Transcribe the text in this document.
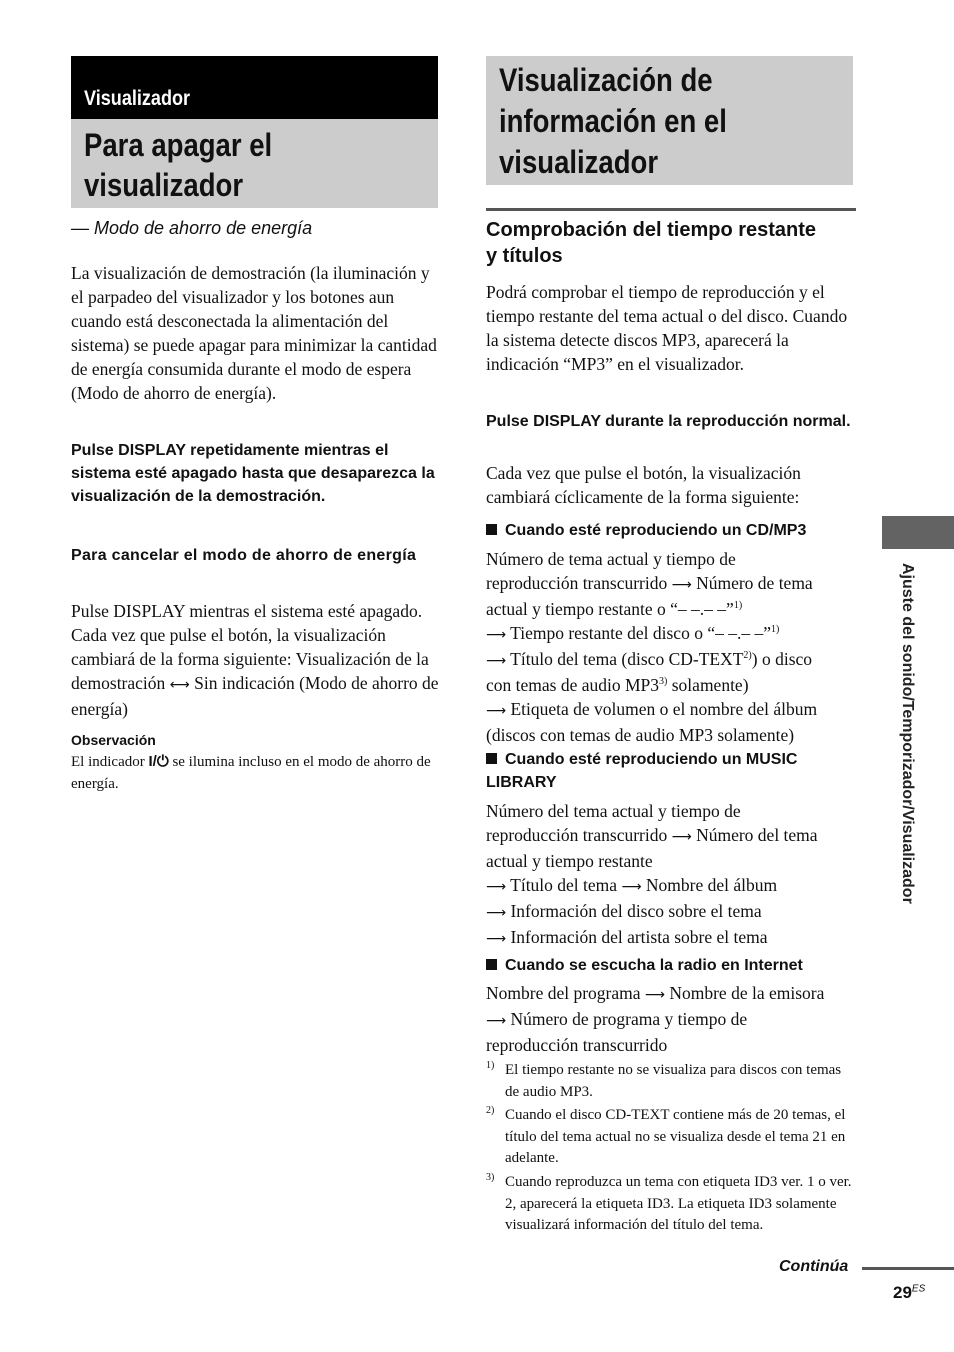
Visualizador
Para apagar el visualizador
— Modo de ahorro de energía
La visualización de demostración (la iluminación y el parpadeo del visualizador y los botones aun cuando está desconectada la alimentación del sistema) se puede apagar para minimizar la cantidad de energía consumida durante el modo de espera (Modo de ahorro de energía).
Pulse DISPLAY repetidamente mientras el sistema esté apagado hasta que desaparezca la visualización de la demostración.
Para cancelar el modo de ahorro de energía
Pulse DISPLAY mientras el sistema esté apagado. Cada vez que pulse el botón, la visualización cambiará de la forma siguiente: Visualización de la demostración ⟷ Sin indicación (Modo de ahorro de energía)
Observación
El indicador I/⏻ se ilumina incluso en el modo de ahorro de energía.
Visualización de información en el visualizador
Comprobación del tiempo restante y títulos
Podrá comprobar el tiempo de reproducción y el tiempo restante del tema actual o del disco. Cuando la sistema detecte discos MP3, aparecerá la indicación “MP3” en el visualizador.
Pulse DISPLAY durante la reproducción normal.
Cada vez que pulse el botón, la visualización cambiará cíclicamente de la forma siguiente:
Cuando esté reproduciendo un CD/MP3
Número de tema actual y tiempo de
reproducción transcurrido ⟶ Número de tema
actual y tiempo restante o “– –.– –”$^{1)}$
⟶ Tiempo restante del disco o “– –.– –”$^{1)}$
⟶ Título del tema (disco CD-TEXT$^{2)}$) o disco
con temas de audio MP3$^{3)}$ solamente)
⟶ Etiqueta de volumen o el nombre del álbum
(discos con temas de audio MP3 solamente)
Cuando esté reproduciendo un MUSIC
LIBRARY
Número del tema actual y tiempo de
reproducción transcurrido ⟶ Número del tema
actual y tiempo restante
⟶ Título del tema ⟶ Nombre del álbum
⟶ Información del disco sobre el tema
⟶ Información del artista sobre el tema
Cuando se escucha la radio en Internet
Nombre del programa ⟶ Nombre de la emisora
⟶ Número de programa y tiempo de
reproducción transcurrido
1) El tiempo restante no se visualiza para discos con temas de audio MP3.
2) Cuando el disco CD-TEXT contiene más de 20 temas, el título del tema actual no se visualiza desde el tema 21 en adelante.
3) Cuando reproduzca un tema con etiqueta ID3 ver. 1 o ver. 2, aparecerá la etiqueta ID3. La etiqueta ID3 solamente visualizará información del título del tema.
Continúa
$29^{ES}$
Ajuste del sonido/Temporizador/Visualizador
